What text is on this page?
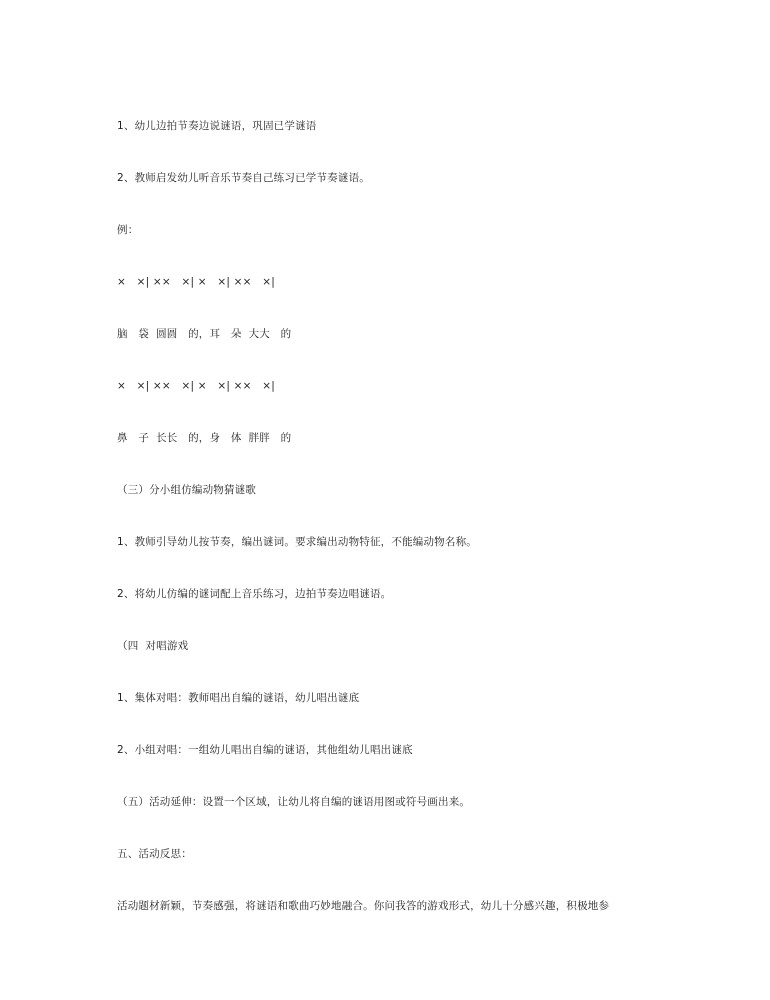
1、幼儿边拍节奏边说谜语，巩固已学谜语
2、教师启发幼儿听音乐节奏自己练习已学节奏谜语。
例：
×   ×| ××   ×| ×   ×| ××   ×|
脑   袋  圆圆   的，耳   朵  大大   的
×   ×| ××   ×| ×   ×| ××   ×|
鼻   子  长长   的，身   体  胖胖   的
（三）分小组仿编动物猜谜歌
1、教师引导幼儿按节奏，编出谜词。要求编出动物特征，不能编动物名称。
2、将幼儿仿编的谜词配上音乐练习，边拍节奏边唱谜语。
（四  对唱游戏
1、集体对唱：教师唱出自编的谜语，幼儿唱出谜底
2、小组对唱：一组幼儿唱出自编的谜语，其他组幼儿唱出谜底
（五）活动延伸：设置一个区域，让幼儿将自编的谜语用图或符号画出来。
五、活动反思：
活动题材新颖，节奏感强，将谜语和歌曲巧妙地融合。你问我答的游戏形式，幼儿十分感兴趣，积极地参
